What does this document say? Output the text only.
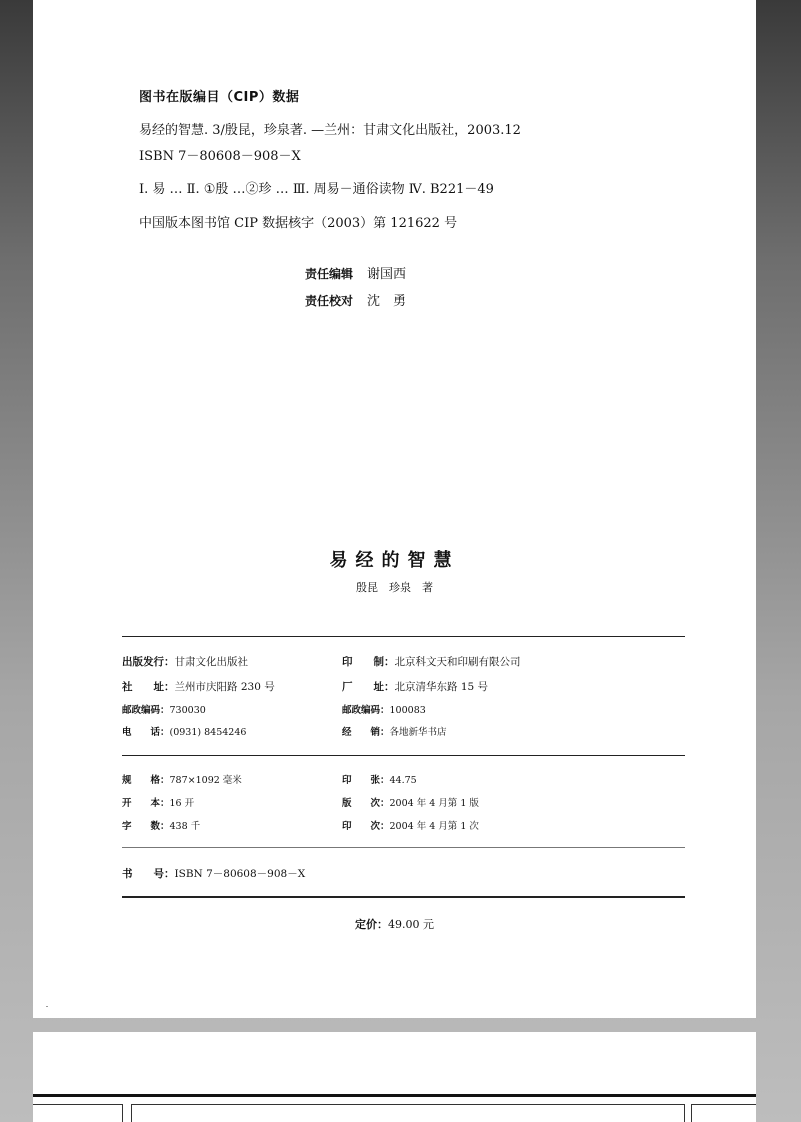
图书在版编目（CIP）数据
易经的智慧. 3/殷昆，珍泉著. —兰州：甘肃文化出版社，2003.12
ISBN 7－80608－908－X
Ⅰ. 易 … Ⅱ. ①殷 …②珍 … Ⅲ. 周易－通俗读物 Ⅳ. B221－49
中国版本图书馆 CIP 数据核字（2003）第 121622 号
责任编辑 谢国西
责任校对 沈　勇
易经的智慧
殷昆　珍泉　著
出版发行：甘肃文化出版社
社　　址：兰州市庆阳路 230 号
邮政编码：730030
电　　话：(0931) 8454246
印　　制：北京科文天和印刷有限公司
厂　　址：北京清华东路 15 号
邮政编码：100083
经　　销：各地新华书店
规　　格：787×1092 毫米
开　　本：16 开
字　　数：438 千
印　　张：44.75
版　　次：2004 年 4 月第 1 版
印　　次：2004 年 4 月第 1 次
书　　号：ISBN 7－80608－908－X
定价：49.00 元
